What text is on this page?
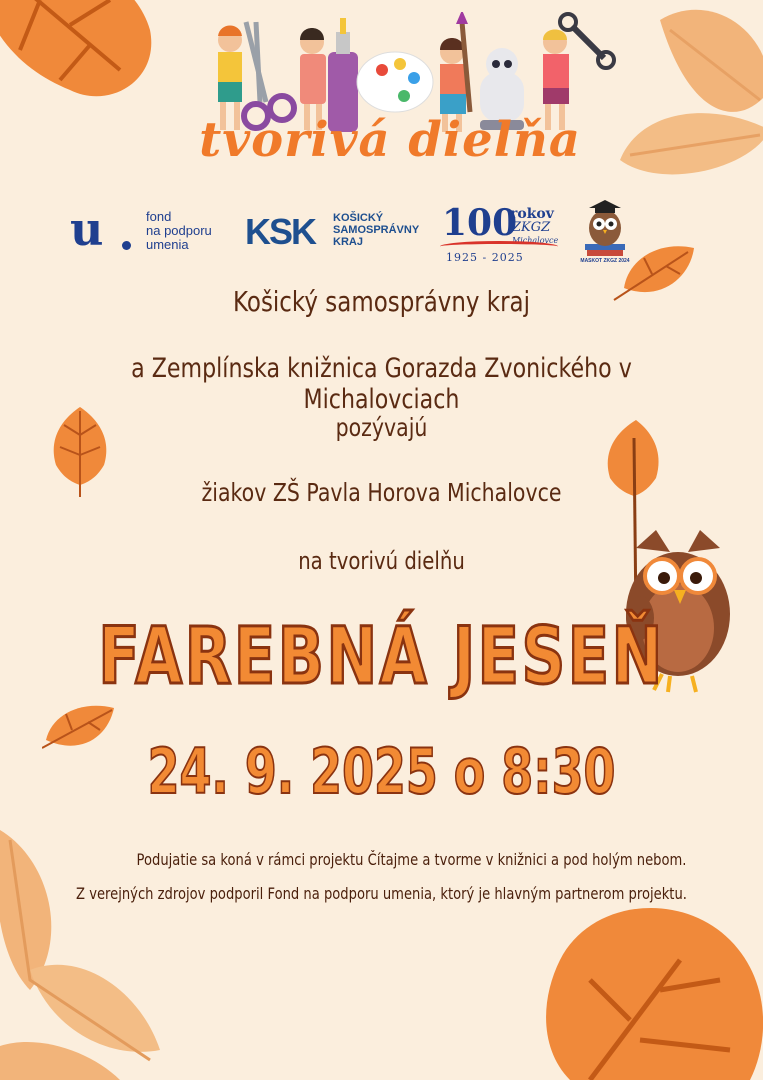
tvorivá dielňa
u	fond
na podporu
umenia	KSK KOŠICKÝ
SAMOSPRÁVNY
KRAJ	100
rokov
ZKGZ
Michalovce
1925 - 2025	MASKOT ZKGZ 2024
Košický samosprávny kraj
a Zemplínska knižnica Gorazda Zvonického v Michalovciach
pozývajú
žiakov ZŠ Pavla Horova Michalovce
na tvorivú dielňu
FAREBNÁ JESEŇ
24. 9. 2025 o 8:30
Podujatie sa koná v rámci projektu Čítajme a tvorme v knižnici a pod holým nebom.
Z verejných zdrojov podporil Fond na podporu umenia, ktorý je hlavným partnerom projektu.
